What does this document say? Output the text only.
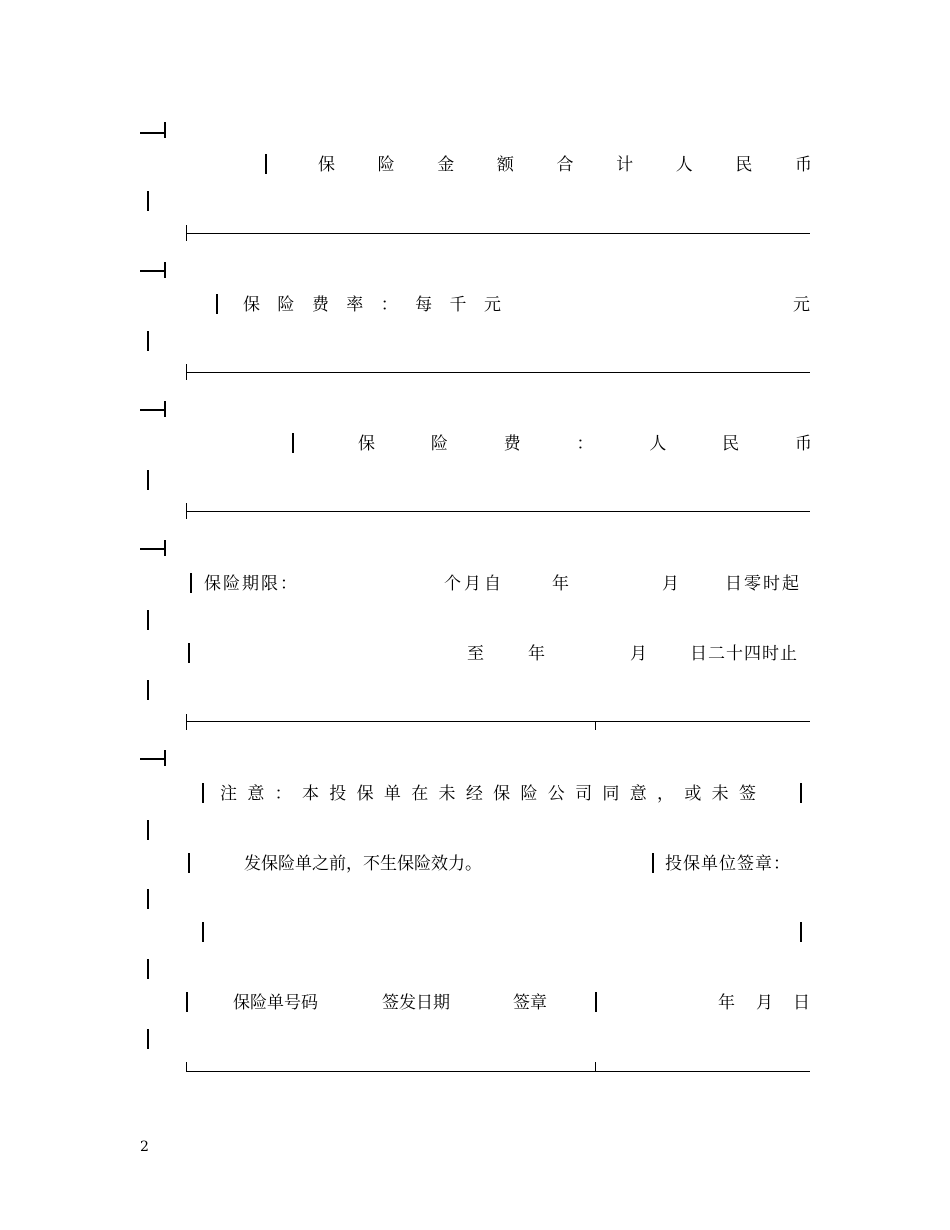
保	险	金	额	合	计	人	民	币
保 险 费 率 ： 每 千 元	元
保	险	费	：	人	民	币
保险期限：	个月自	年	月	日零时起
至	年	月	日二十四时止
注 意 ： 本 投 保 单 在 未 经 保 险 公 司 同 意 ， 或 未 签
发保险单之前，不生保险效力。	投保单位签章：
保险单号码	签发日期	签章	年 月 日
2
